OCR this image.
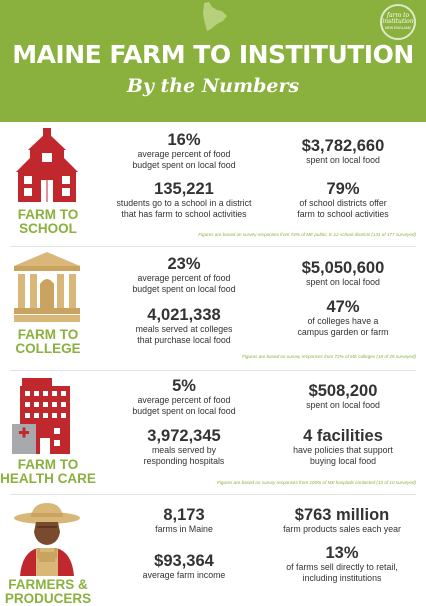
farm to
institution
NEW ENGLAND
MAINE FARM TO INSTITUTION
By the Numbers
FARM TO
SCHOOL
16%
average percent of food
budget spent on local food
$3,782,660
spent on local food
135,221
students go to a school in a district
that has farm to school activities
79%
of school districts offer
farm to school activities
Figures are based on survey responses from 74% of ME public, K-12 school districts (131 of 177 surveyed)
FARM TO
COLLEGE
23%
average percent of food
budget spent on local food
$5,050,600
spent on local food
4,021,338
meals served at colleges
that purchase local food
47%
of colleges have a
campus garden or farm
Figures are based on survey responses from 72% of ME colleges (18 of 25 surveyed)
FARM TO
HEALTH CARE
5%
average percent of food
budget spent on local food
$508,200
spent on local food
3,972,345
meals served by
responding hospitals
4 facilities
have policies that support
buying local food
Figures are based on survey responses from 100% of ME hospitals contacted (10 of 10 surveyed)
FARMERS &
PRODUCERS
8,173
farms in Maine
$763 million
farm products sales each year
$93,364
average farm income
13%
of farms sell directly to retail,
including institutions
